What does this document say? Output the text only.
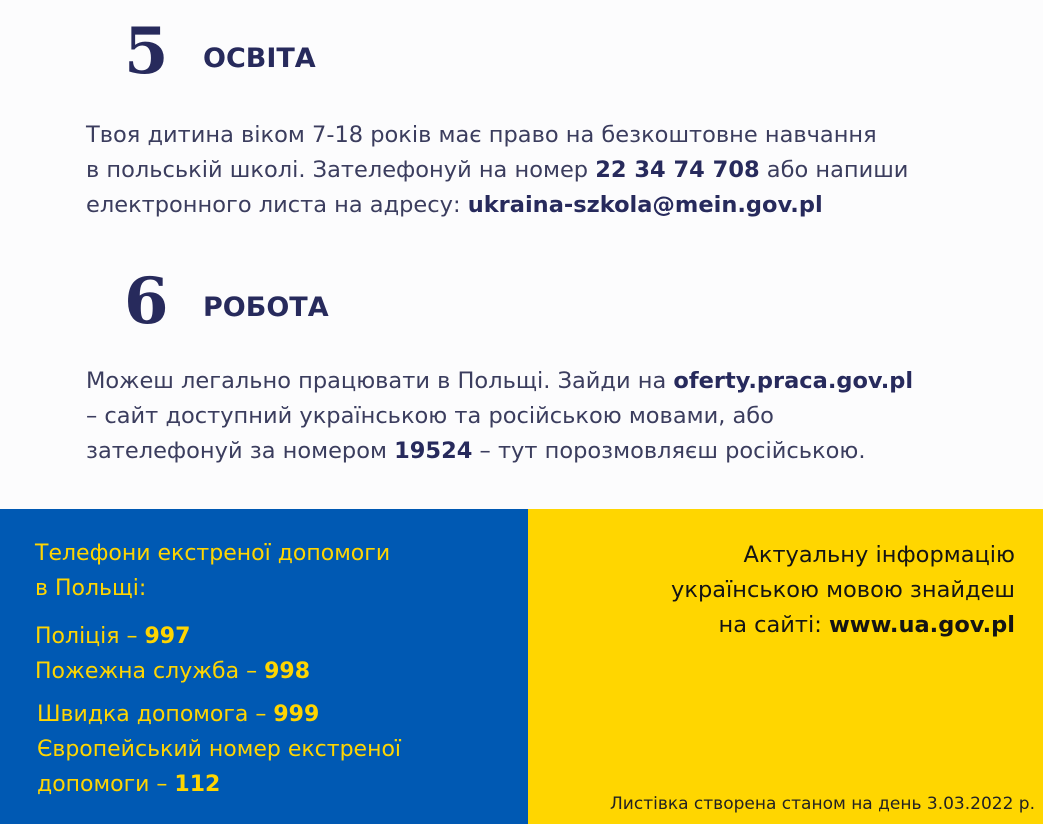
5 ОСВІТА

Твоя дитина віком 7-18 років має право на безкоштовне навчання
в польській школі. Зателефонуй на номер 22 34 74 708 або напиши
електронного листа на адресу: ukraina-szkola@mein.gov.pl

6 РОБОТА

Можеш легально працювати в Польщі. Зайди на oferty.praca.gov.pl
– сайт доступний українською та російською мовами, або
зателефонуй за номером 19524 – тут порозмовляєш російською.

Телефони екстреної допомоги
в Польщі:
Поліція – 997
Пожежна служба – 998
Швидка допомога – 999
Європейський номер екстреної
допомоги – 112
Актуальну інформацію
українською мовою знайдеш
на сайті: www.ua.gov.pl
Листівка створена станом на день 3.03.2022 р.
